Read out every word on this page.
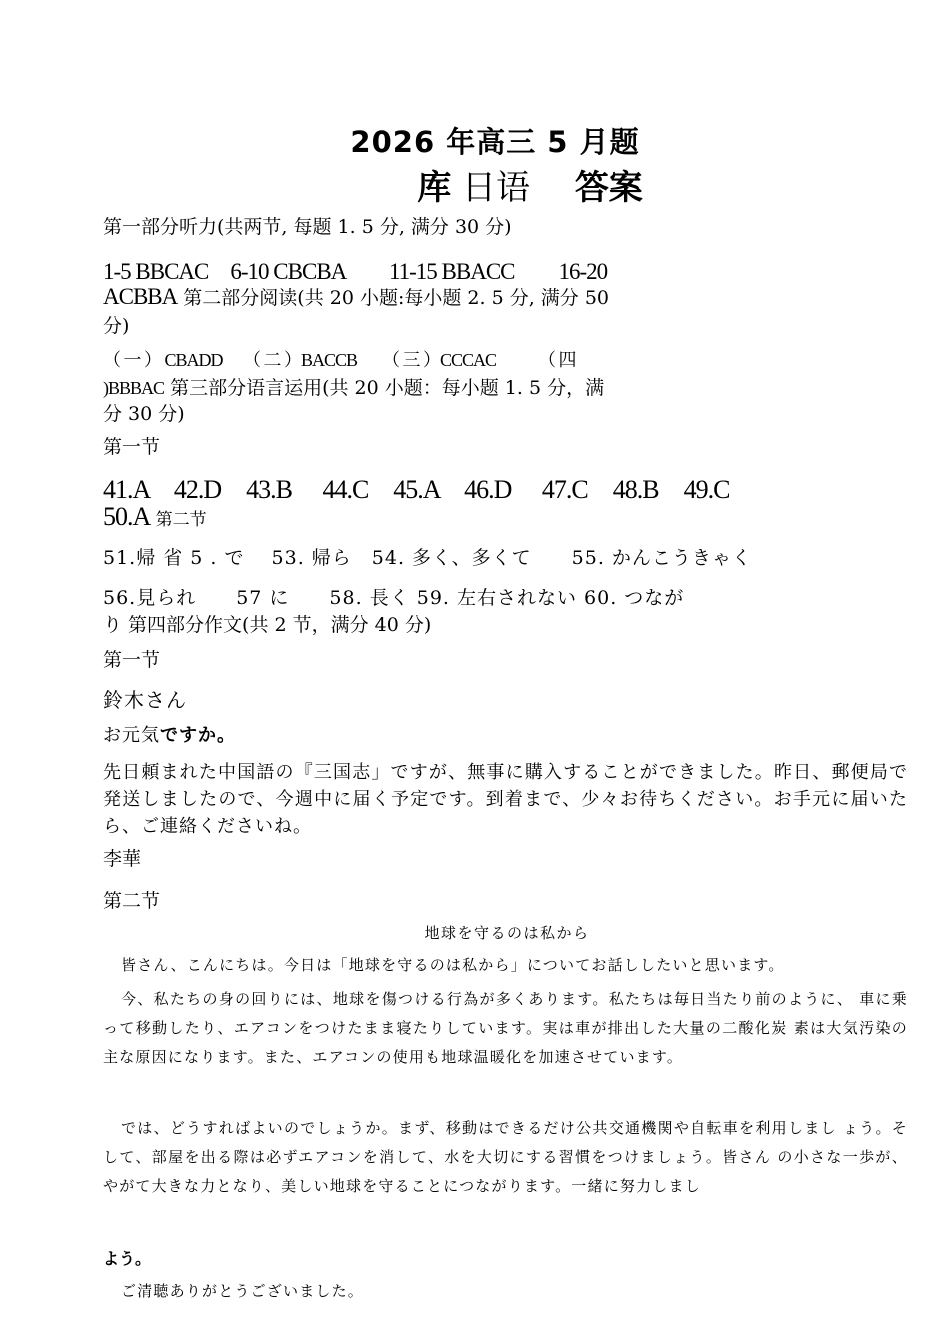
2026 年高三 5 月题
库 日语　 答案
第一部分听力(共两节, 每题 1. 5 分, 满分 30 分)
1-5 BBCAC　6-10 CBCBA　　11-15 BBACC　　16-20
ACBBA 第二部分阅读(共 20 小题:每小题 2. 5 分, 满分 50
分)
（ 一 ） CBADD　 （ 二 ）BACCB　　（ 三 ）CCCAC　　　（ 四
)BBBAC 第三部分语言运用(共 20 小题：每小题 1. 5 分，满
分 30 分)
第一节
41.A　42.D　43.B　 44.C　45.A　46.D　 47.C　48.B　49.C
50.A 第二节
51.帰 省 5 . で　 53. 帰ら　54. 多く、多くて　　55. かんこうきゃく
56.見られ　　57 に　　58. 長く 59. 左右されない 60. つなが
り 第四部分作文(共 2 节，满分 40 分)
第一节
鈴木さん
お元気ですか。
先日頼まれた中国語の『三国志」ですが、無事に購入することができました。昨日、郵便局で発送しましたので、今週中に届く予定です。到着まで、少々お待ちください。お手元に届いたら、ご連絡くださいね。
李華
第二节
地球を守るのは私から
皆さん、こんにちは。今日は「地球を守るのは私から」についてお話ししたいと思います。
今、私たちの身の回りには、地球を傷つける行為が多くあります。私たちは毎日当たり前のように、 車に乗って移動したり、エアコンをつけたまま寝たりしています。実は車が排出した大量の二酸化炭 素は大気汚染の主な原因になります。また、エアコンの使用も地球温暖化を加速させています。
では、どうすればよいのでしょうか。まず、移動はできるだけ公共交通機関や自転車を利用しまし ょう。そして、部屋を出る際は必ずエアコンを消して、水を大切にする習慣をつけましょう。皆さん の小さな一歩が、やがて大きな力となり、美しい地球を守ることにつながります。一緒に努力しまし
よう。
ご清聴ありがとうございました。
